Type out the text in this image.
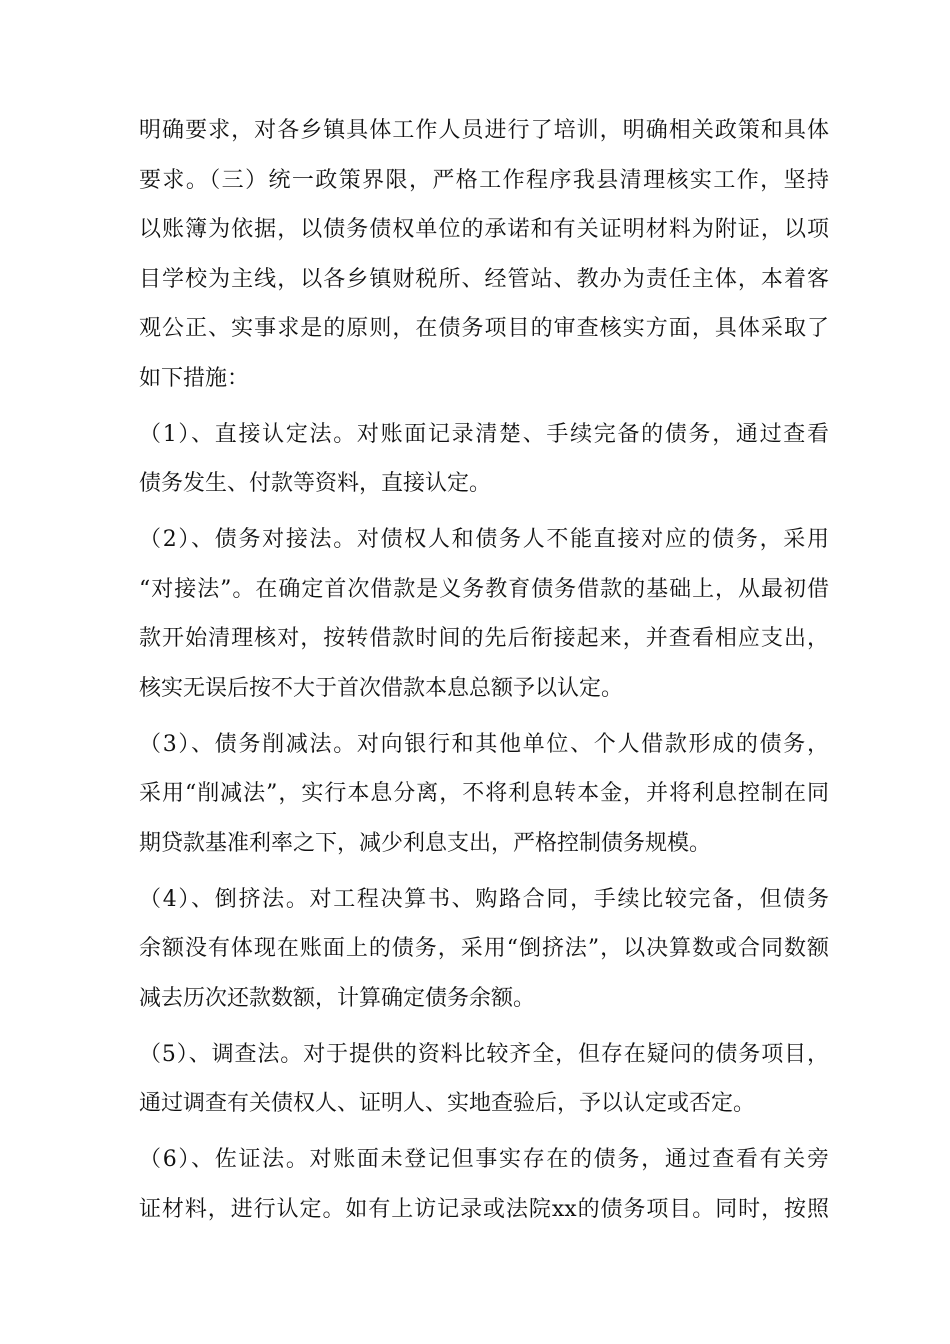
明确要求，对各乡镇具体工作人员进行了培训，明确相关政策和具体
要求。（三）统一政策界限，严格工作程序我县清理核实工作，坚持
以账簿为依据，以债务债权单位的承诺和有关证明材料为附证，以项
目学校为主线，以各乡镇财税所、经管站、教办为责任主体，本着客
观公正、实事求是的原则，在债务项目的审查核实方面，具体采取了
如下措施：
（1）、直接认定法。对账面记录清楚、手续完备的债务，通过查看
债务发生、付款等资料，直接认定。
（2）、债务对接法。对债权人和债务人不能直接对应的债务，采用
“对接法”。在确定首次借款是义务教育债务借款的基础上，从最初借
款开始清理核对，按转借款时间的先后衔接起来，并查看相应支出，
核实无误后按不大于首次借款本息总额予以认定。
（3）、债务削减法。对向银行和其他单位、个人借款形成的债务，
采用“削减法”，实行本息分离，不将利息转本金，并将利息控制在同
期贷款基准利率之下，减少利息支出，严格控制债务规模。
（4）、倒挤法。对工程决算书、购路合同，手续比较完备，但债务
余额没有体现在账面上的债务，采用“倒挤法”，以决算数或合同数额
减去历次还款数额，计算确定债务余额。
（5）、调查法。对于提供的资料比较齐全，但存在疑问的债务项目，
通过调查有关债权人、证明人、实地查验后，予以认定或否定。
（6）、佐证法。对账面未登记但事实存在的债务，通过查看有关旁
证材料，进行认定。如有上访记录或法院xx的债务项目。同时，按照
